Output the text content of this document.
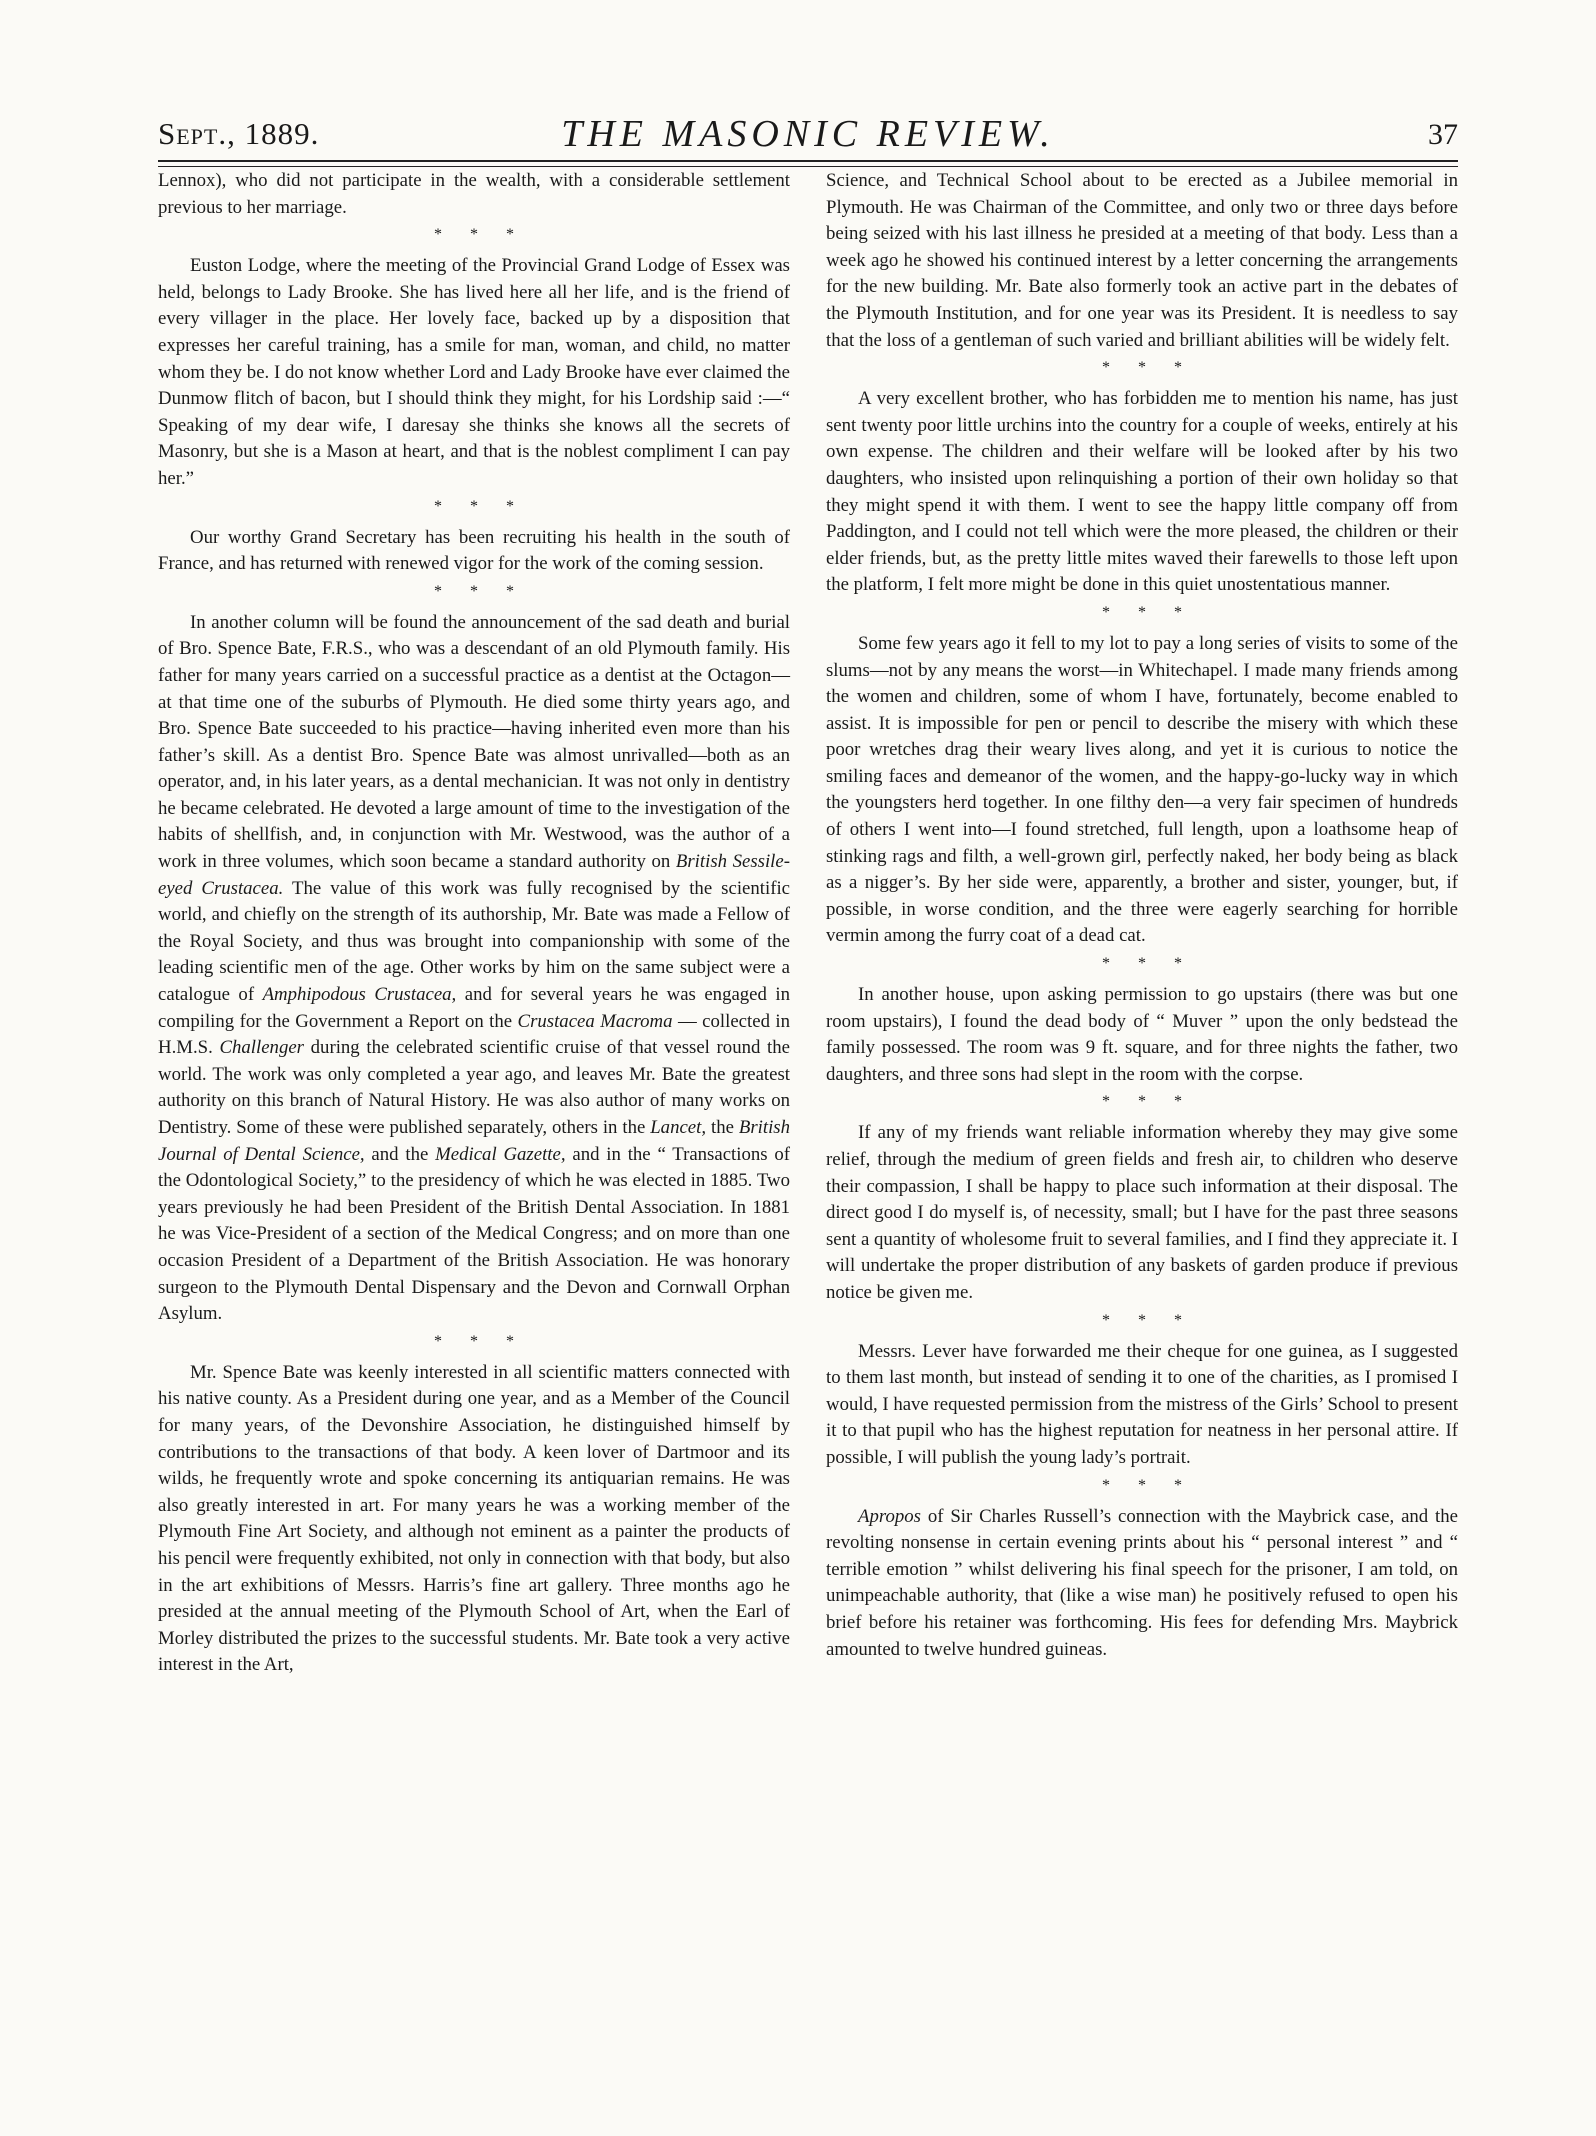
Sept., 1889.	THE MASONIC REVIEW.	37

Lennox), who did not participate in the wealth, with a considerable settlement previous to her marriage.

* * *

Euston Lodge, where the meeting of the Provincial Grand Lodge of Essex was held, belongs to Lady Brooke. She has lived here all her life, and is the friend of every villager in the place. Her lovely face, backed up by a disposition that expresses her careful training, has a smile for man, woman, and child, no matter whom they be. I do not know whether Lord and Lady Brooke have ever claimed the Dunmow flitch of bacon, but I should think they might, for his Lordship said :—“ Speaking of my dear wife, I daresay she thinks she knows all the secrets of Masonry, but she is a Mason at heart, and that is the noblest compliment I can pay her.”

* * *

Our worthy Grand Secretary has been recruiting his health in the south of France, and has returned with renewed vigor for the work of the coming session.

* * *

In another column will be found the announcement of the sad death and burial of Bro. Spence Bate, F.R.S., who was a descendant of an old Plymouth family. His father for many years carried on a successful practice as a dentist at the Octagon—at that time one of the suburbs of Plymouth. He died some thirty years ago, and Bro. Spence Bate succeeded to his practice—having inherited even more than his father’s skill. As a dentist Bro. Spence Bate was almost unrivalled—both as an operator, and, in his later years, as a dental mechanician. It was not only in dentistry he became celebrated. He devoted a large amount of time to the investigation of the habits of shellfish, and, in conjunction with Mr. Westwood, was the author of a work in three volumes, which soon became a standard authority on British Sessile-eyed Crustacea. The value of this work was fully recognised by the scientific world, and chiefly on the strength of its authorship, Mr. Bate was made a Fellow of the Royal Society, and thus was brought into companionship with some of the leading scientific men of the age. Other works by him on the same subject were a catalogue of Amphipodous Crustacea, and for several years he was engaged in compiling for the Government a Report on the Crustacea Macroma — collected in H.M.S. Challenger during the celebrated scientific cruise of that vessel round the world. The work was only completed a year ago, and leaves Mr. Bate the greatest authority on this branch of Natural History. He was also author of many works on Dentistry. Some of these were published separately, others in the Lancet, the British Journal of Dental Science, and the Medical Gazette, and in the “ Transactions of the Odontological Society,” to the presidency of which he was elected in 1885. Two years previously he had been President of the British Dental Association. In 1881 he was Vice-President of a section of the Medical Congress; and on more than one occasion President of a Department of the British Association. He was honorary surgeon to the Plymouth Dental Dispensary and the Devon and Cornwall Orphan Asylum.

* * *

Mr. Spence Bate was keenly interested in all scientific matters connected with his native county. As a President during one year, and as a Member of the Council for many years, of the Devonshire Association, he distinguished himself by contributions to the transactions of that body. A keen lover of Dartmoor and its wilds, he frequently wrote and spoke concerning its antiquarian remains. He was also greatly interested in art. For many years he was a working member of the Plymouth Fine Art Society, and although not eminent as a painter the products of his pencil were frequently exhibited, not only in connection with that body, but also in the art exhibitions of Messrs. Harris’s fine art gallery. Three months ago he presided at the annual meeting of the Plymouth School of Art, when the Earl of Morley distributed the prizes to the successful students. Mr. Bate took a very active interest in the Art,

Science, and Technical School about to be erected as a Jubilee memorial in Plymouth. He was Chairman of the Committee, and only two or three days before being seized with his last illness he presided at a meeting of that body. Less than a week ago he showed his continued interest by a letter concerning the arrangements for the new building. Mr. Bate also formerly took an active part in the debates of the Plymouth Institution, and for one year was its President. It is needless to say that the loss of a gentleman of such varied and brilliant abilities will be widely felt.

* * *

A very excellent brother, who has forbidden me to mention his name, has just sent twenty poor little urchins into the country for a couple of weeks, entirely at his own expense. The children and their welfare will be looked after by his two daughters, who insisted upon relinquishing a portion of their own holiday so that they might spend it with them. I went to see the happy little company off from Paddington, and I could not tell which were the more pleased, the children or their elder friends, but, as the pretty little mites waved their farewells to those left upon the platform, I felt more might be done in this quiet unostentatious manner.

* * *

Some few years ago it fell to my lot to pay a long series of visits to some of the slums—not by any means the worst—in Whitechapel. I made many friends among the women and children, some of whom I have, fortunately, become enabled to assist. It is impossible for pen or pencil to describe the misery with which these poor wretches drag their weary lives along, and yet it is curious to notice the smiling faces and demeanor of the women, and the happy-go-lucky way in which the youngsters herd together. In one filthy den—a very fair specimen of hundreds of others I went into—I found stretched, full length, upon a loathsome heap of stinking rags and filth, a well-grown girl, perfectly naked, her body being as black as a nigger’s. By her side were, apparently, a brother and sister, younger, but, if possible, in worse condition, and the three were eagerly searching for horrible vermin among the furry coat of a dead cat.

* * *

In another house, upon asking permission to go upstairs (there was but one room upstairs), I found the dead body of “ Muver ” upon the only bedstead the family possessed. The room was 9 ft. square, and for three nights the father, two daughters, and three sons had slept in the room with the corpse.

* * *

If any of my friends want reliable information whereby they may give some relief, through the medium of green fields and fresh air, to children who deserve their compassion, I shall be happy to place such information at their disposal. The direct good I do myself is, of necessity, small; but I have for the past three seasons sent a quantity of wholesome fruit to several families, and I find they appreciate it. I will undertake the proper distribution of any baskets of garden produce if previous notice be given me.

* * *

Messrs. Lever have forwarded me their cheque for one guinea, as I suggested to them last month, but instead of sending it to one of the charities, as I promised I would, I have requested permission from the mistress of the Girls’ School to present it to that pupil who has the highest reputation for neatness in her personal attire. If possible, I will publish the young lady’s portrait.

* * *

Apropos of Sir Charles Russell’s connection with the Maybrick case, and the revolting nonsense in certain evening prints about his “ personal interest ” and “ terrible emotion ” whilst delivering his final speech for the prisoner, I am told, on unimpeachable authority, that (like a wise man) he positively refused to open his brief before his retainer was forthcoming. His fees for defending Mrs. Maybrick amounted to twelve hundred guineas.
